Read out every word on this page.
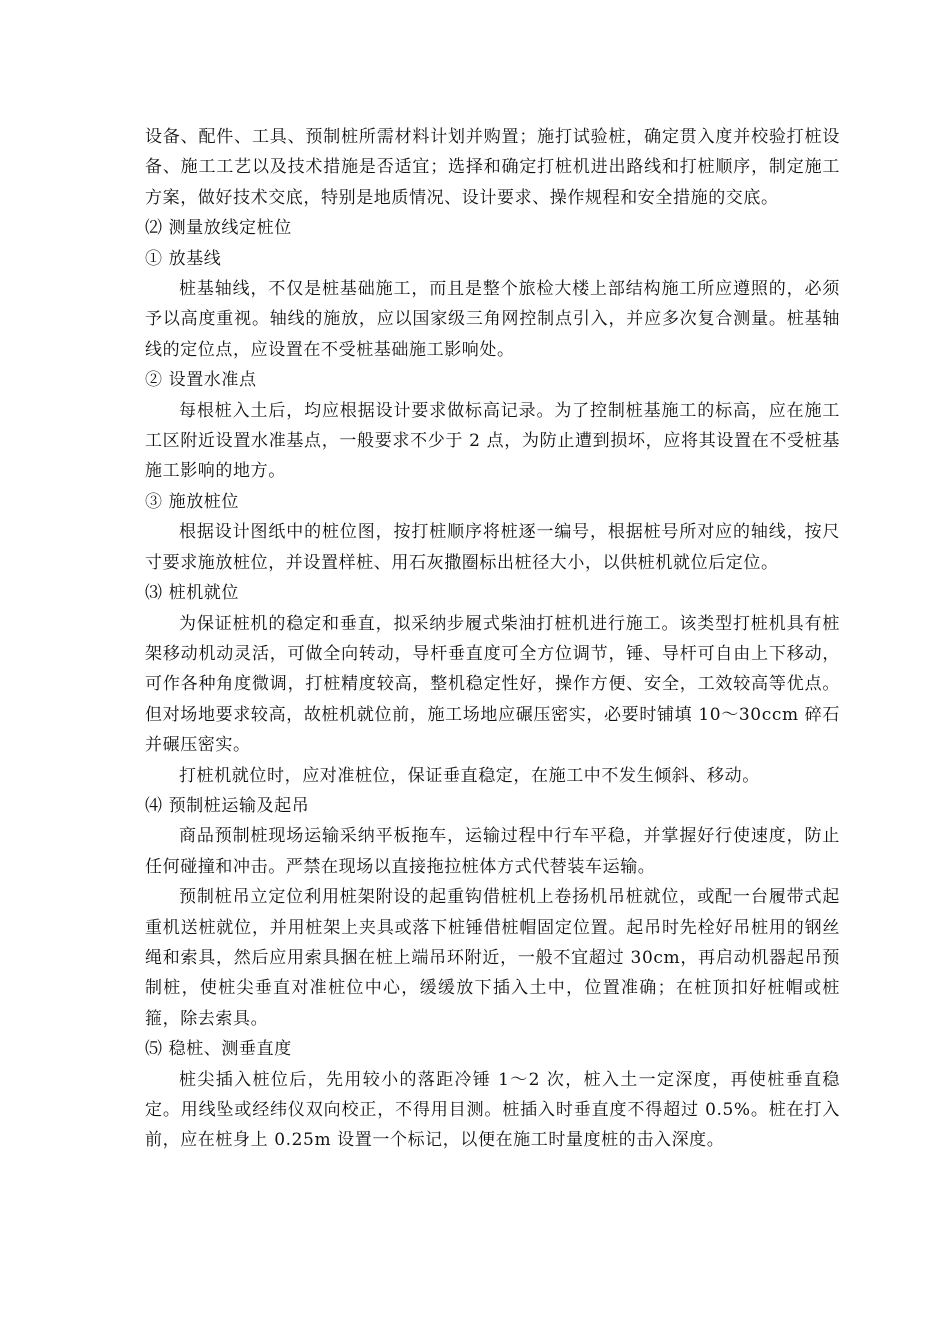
设备、配件、工具、预制桩所需材料计划并购置；施打试验桩，确定贯入度并校验打桩设备、施工工艺以及技术措施是否适宜；选择和确定打桩机进出路线和打桩顺序，制定施工方案，做好技术交底，特别是地质情况、设计要求、操作规程和安全措施的交底。

⑵ 测量放线定桩位

① 放基线

桩基轴线，不仅是桩基础施工，而且是整个旅检大楼上部结构施工所应遵照的，必须予以高度重视。轴线的施放，应以国家级三角网控制点引入，并应多次复合测量。桩基轴线的定位点，应设置在不受桩基础施工影响处。

② 设置水准点

每根桩入土后，均应根据设计要求做标高记录。为了控制桩基施工的标高，应在施工工区附近设置水准基点，一般要求不少于 2 点，为防止遭到损坏，应将其设置在不受桩基施工影响的地方。

③ 施放桩位

根据设计图纸中的桩位图，按打桩顺序将桩逐一编号，根据桩号所对应的轴线，按尺寸要求施放桩位，并设置样桩、用石灰撒圈标出桩径大小，以供桩机就位后定位。

⑶ 桩机就位

为保证桩机的稳定和垂直，拟采纳步履式柴油打桩机进行施工。该类型打桩机具有桩架移动机动灵活，可做全向转动，导杆垂直度可全方位调节，锤、导杆可自由上下移动，可作各种角度微调，打桩精度较高，整机稳定性好，操作方便、安全，工效较高等优点。但对场地要求较高，故桩机就位前，施工场地应碾压密实，必要时铺填 10～30ccm 碎石并碾压密实。

打桩机就位时，应对准桩位，保证垂直稳定，在施工中不发生倾斜、移动。

⑷ 预制桩运输及起吊

商品预制桩现场运输采纳平板拖车，运输过程中行车平稳，并掌握好行使速度，防止任何碰撞和冲击。严禁在现场以直接拖拉桩体方式代替装车运输。

预制桩吊立定位利用桩架附设的起重钩借桩机上卷扬机吊桩就位，或配一台履带式起重机送桩就位，并用桩架上夹具或落下桩锤借桩帽固定位置。起吊时先栓好吊桩用的钢丝绳和索具，然后应用索具捆在桩上端吊环附近，一般不宜超过 30cm，再启动机器起吊预制桩，使桩尖垂直对准桩位中心，缓缓放下插入土中，位置准确；在桩顶扣好桩帽或桩箍，除去索具。

⑸ 稳桩、测垂直度

桩尖插入桩位后，先用较小的落距冷锤 1～2 次，桩入土一定深度，再使桩垂直稳定。用线坠或经纬仪双向校正，不得用目测。桩插入时垂直度不得超过 0.5%。桩在打入前，应在桩身上 0.25m 设置一个标记，以便在施工时量度桩的击入深度。
